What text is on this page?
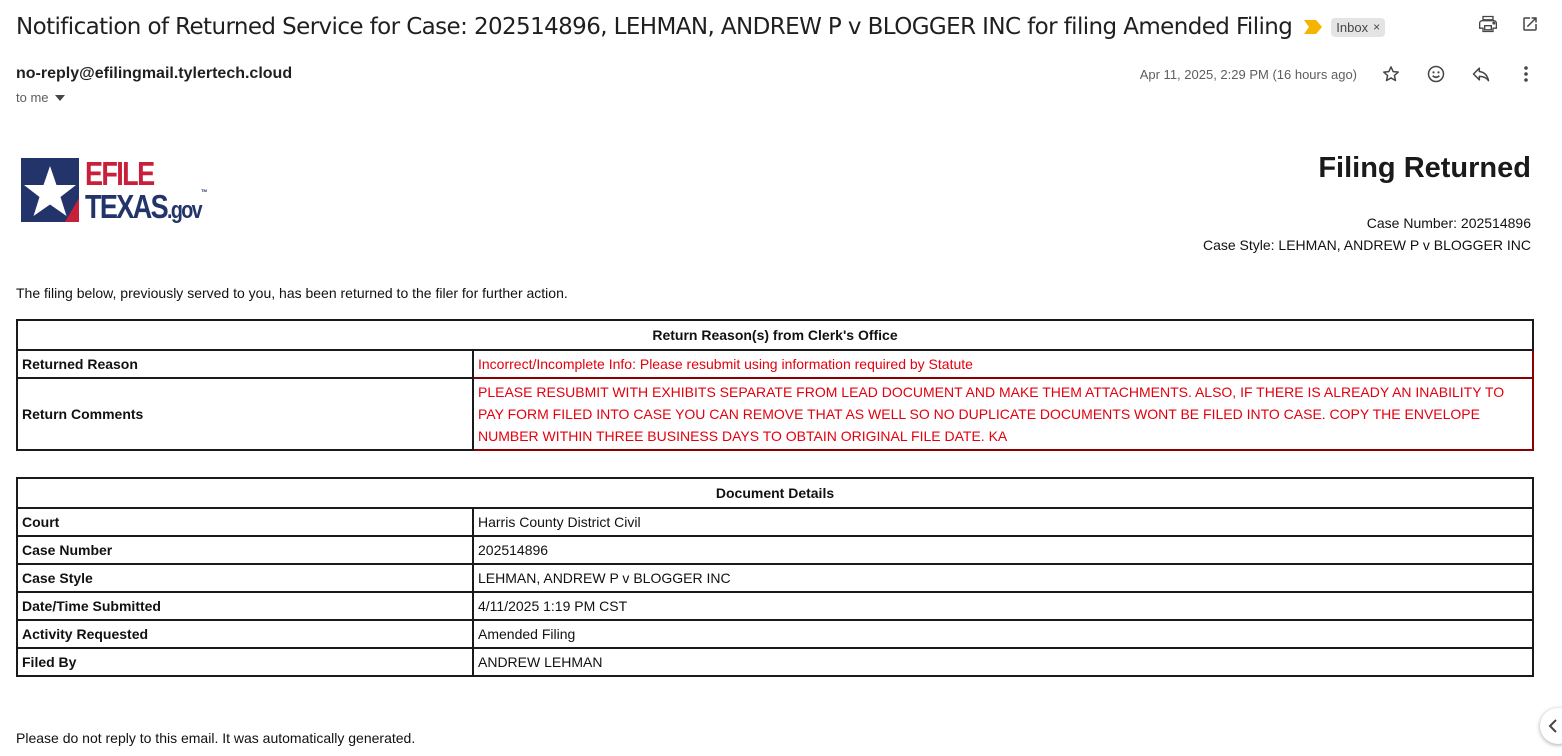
Notification of Returned Service for Case: 202514896, LEHMAN, ANDREW P v BLOGGER INC for filing Amended Filing	Inbox ×
no-reply@efilingmail.tylertech.cloud
to me
Apr 11, 2025, 2:29 PM (16 hours ago)
EFILE
TEXAS.gov™
Filing Returned
Case Number: 202514896
Case Style: LEHMAN, ANDREW P v BLOGGER INC
The filing below, previously served to you, has been returned to the filer for further action.
Return Reason(s) from Clerk's Office	
Returned Reason	Incorrect/Incomplete Info: Please resubmit using information required by Statute
Return Comments	PLEASE RESUBMIT WITH EXHIBITS SEPARATE FROM LEAD DOCUMENT AND MAKE THEM ATTACHMENTS. ALSO, IF THERE IS ALREADY AN INABILITY TO PAY FORM FILED INTO CASE YOU CAN REMOVE THAT AS WELL SO NO DUPLICATE DOCUMENTS WONT BE FILED INTO CASE. COPY THE ENVELOPE NUMBER WITHIN THREE BUSINESS DAYS TO OBTAIN ORIGINAL FILE DATE. KA
Document Details	
Court	Harris County District Civil
Case Number	202514896
Case Style	LEHMAN, ANDREW P v BLOGGER INC
Date/Time Submitted	4/11/2025 1:19 PM CST
Activity Requested	Amended Filing
Filed By	ANDREW LEHMAN
Please do not reply to this email. It was automatically generated.
